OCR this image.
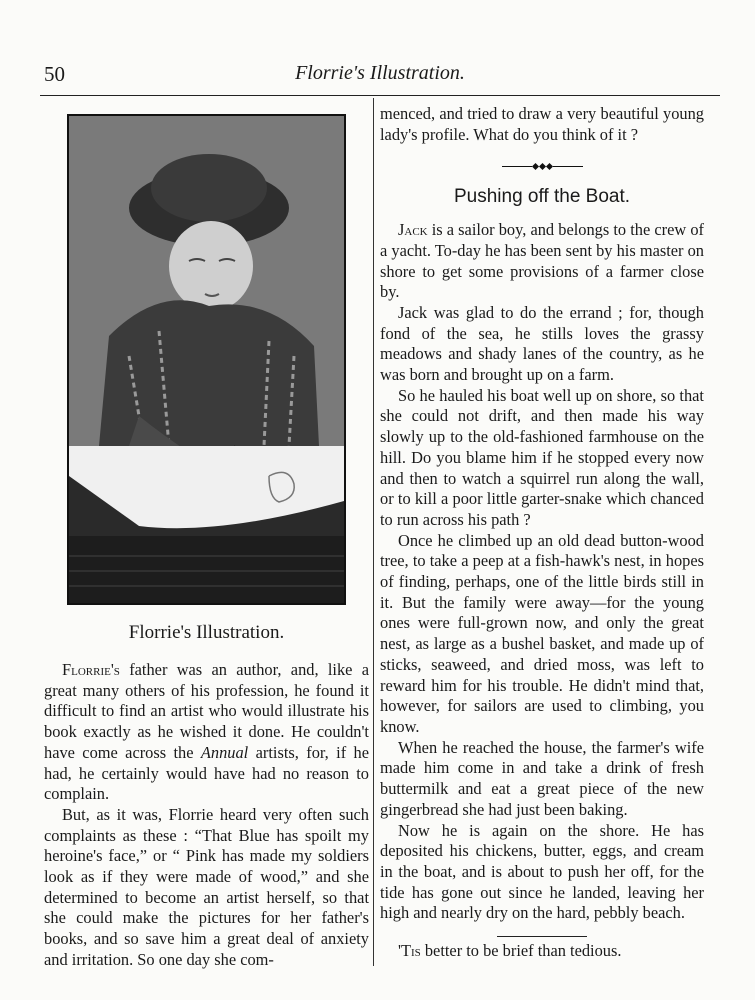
50	Florrie's Illustration.
Florrie's Illustration.

Florrie's father was an author, and, like a great many others of his profession, he found it difficult to find an artist who would illustrate his book exactly as he wished it done. He couldn't have come across the Annual artists, for, if he had, he certainly would have had no reason to complain.

But, as it was, Florrie heard very often such complaints as these : “That Blue has spoilt my heroine's face,” or “ Pink has made my soldiers look as if they were made of wood,” and she determined to become an artist herself, so that she could make the pictures for her father's books, and so save him a great deal of anxiety and irritation. So one day she com-

menced, and tried to draw a very beautiful young lady's profile. What do you think of it ?

Pushing off the Boat.

Jack is a sailor boy, and belongs to the crew of a yacht. To-day he has been sent by his master on shore to get some provisions of a farmer close by.

Jack was glad to do the errand ; for, though fond of the sea, he stills loves the grassy meadows and shady lanes of the country, as he was born and brought up on a farm.

So he hauled his boat well up on shore, so that she could not drift, and then made his way slowly up to the old-fashioned farmhouse on the hill. Do you blame him if he stopped every now and then to watch a squirrel run along the wall, or to kill a poor little garter-snake which chanced to run across his path ?

Once he climbed up an old dead button-wood tree, to take a peep at a fish-hawk's nest, in hopes of finding, perhaps, one of the little birds still in it. But the family were away—for the young ones were full-grown now, and only the great nest, as large as a bushel basket, and made up of sticks, seaweed, and dried moss, was left to reward him for his trouble. He didn't mind that, however, for sailors are used to climbing, you know.

When he reached the house, the farmer's wife made him come in and take a drink of fresh buttermilk and eat a great piece of the new gingerbread she had just been baking.

Now he is again on the shore. He has deposited his chickens, butter, eggs, and cream in the boat, and is about to push her off, for the tide has gone out since he landed, leaving her high and nearly dry on the hard, pebbly beach.

'Tis better to be brief than tedious.
